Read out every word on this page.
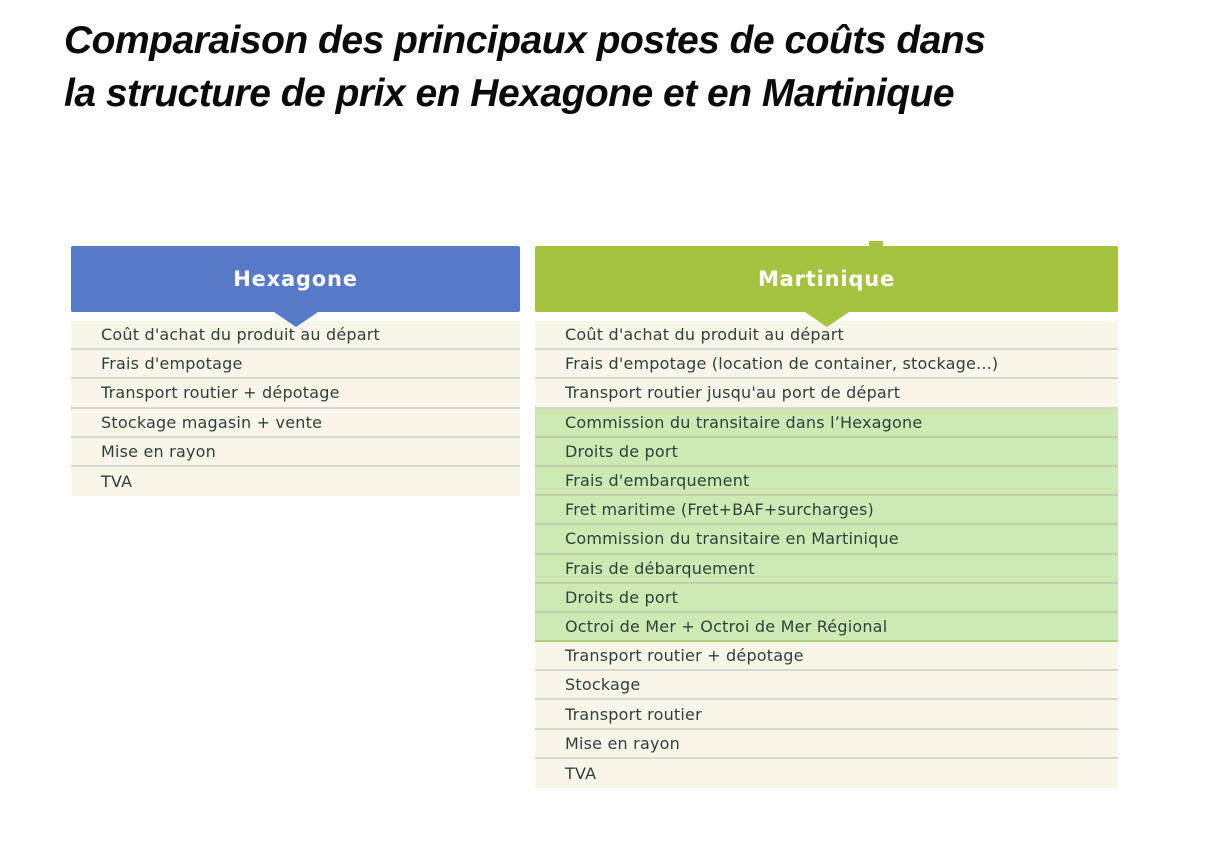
Comparaison des principaux postes de coûts dans
la structure de prix en Hexagone et en Martinique
Hexagone
Coût d'achat du produit au départ
Frais d'empotage
Transport routier + dépotage
Stockage magasin + vente
Mise en rayon
TVA
Martinique
Coût d'achat du produit au départ
Frais d'empotage (location de container, stockage...)
Transport routier jusqu'au port de départ
Commission du transitaire dans l’Hexagone
Droits de port
Frais d'embarquement
Fret maritime (Fret+BAF+surcharges)
Commission du transitaire en Martinique
Frais de débarquement
Droits de port
Octroi de Mer + Octroi de Mer Régional
Transport routier + dépotage
Stockage
Transport routier
Mise en rayon
TVA
